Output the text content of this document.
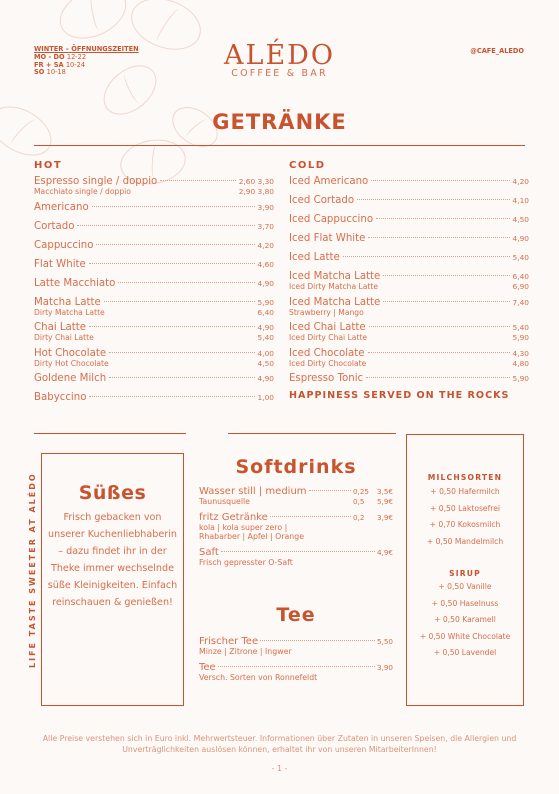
WINTER – ÖFFNUNGSZEITEN
MO - DO 12-22
FR + SA 10-24
SO 10-18
ALÉDO
COFFEE & BAR
@CAFE_ALEDO
GETRÄNKE
HOT
Espresso single / doppio	2,60 3,30
Macchiato single / doppio	2,90 3,80
Americano	3,90
Cortado	3,70
Cappuccino	4,20
Flat White	4,60
Latte Macchiato	4,90
Matcha Latte	5,90
Dirty Matcha Latte	6,40
Chai Latte	4,90
Dirty Chai Latte	5,40
Hot Chocolate	4,00
Dirty Hot Chocolate	4,50
Goldene Milch	4,90
Babyccino	1,00
COLD
Iced Americano	4,20
Iced Cortado	4,10
Iced Cappuccino	4,50
Iced Flat White	4,90
Iced Latte	5,40
Iced Matcha Latte	6,40
Iced Dirty Matcha Latte	6,90
Iced Matcha Latte	7,40
Strawberry | Mango
Iced Chai Latte	5,40
Iced Dirty Chai Latte	5,90
Iced Chocolate	4,30
Iced Dirty Chocolate	4,80
Espresso Tonic	5,90
HAPPINESS SERVED ON THE ROCKS
LIFE TASTE SWEETER AT ALÉDO	Süßes

Frisch gebacken von unserer Kuchenliebhaberin – dazu findet ihr in der Theke immer wechselnde süße Kleinigkeiten. Einfach reinschauen & genießen!

Softdrinks
Wasser still | medium	0,25	3,5€
Taunusquelle	0,5	5,9€
fritz Getränke	0,2	3,9€
kola | kola super zero |
Rhabarber | Apfel | Orange
Saft	4,9€
Frisch gepresster O-Saft
Tee
Frischer Tee	5,50
Minze | Zitrone | Ingwer
Tee	3,90
Versch. Sorten von Ronnefeldt
MILCHSORTEN
+ 0,50 Hafermilch
+ 0,50 Laktosefrei
+ 0,70 Kokosmilch
+ 0,50 Mandelmilch
SIRUP
+ 0,50 Vanille
+ 0,50 Haselnuss
+ 0,50 Karamell
+ 0,50 White Chocolate
+ 0,50 Lavendel
Alle Preise verstehen sich in Euro inkl. Mehrwertsteuer. Informationen über Zutaten in unseren Speisen, die Allergien und Unverträglichkeiten auslösen können, erhaltet ihr von unseren MitarbeiterInnen!
- 1 -
